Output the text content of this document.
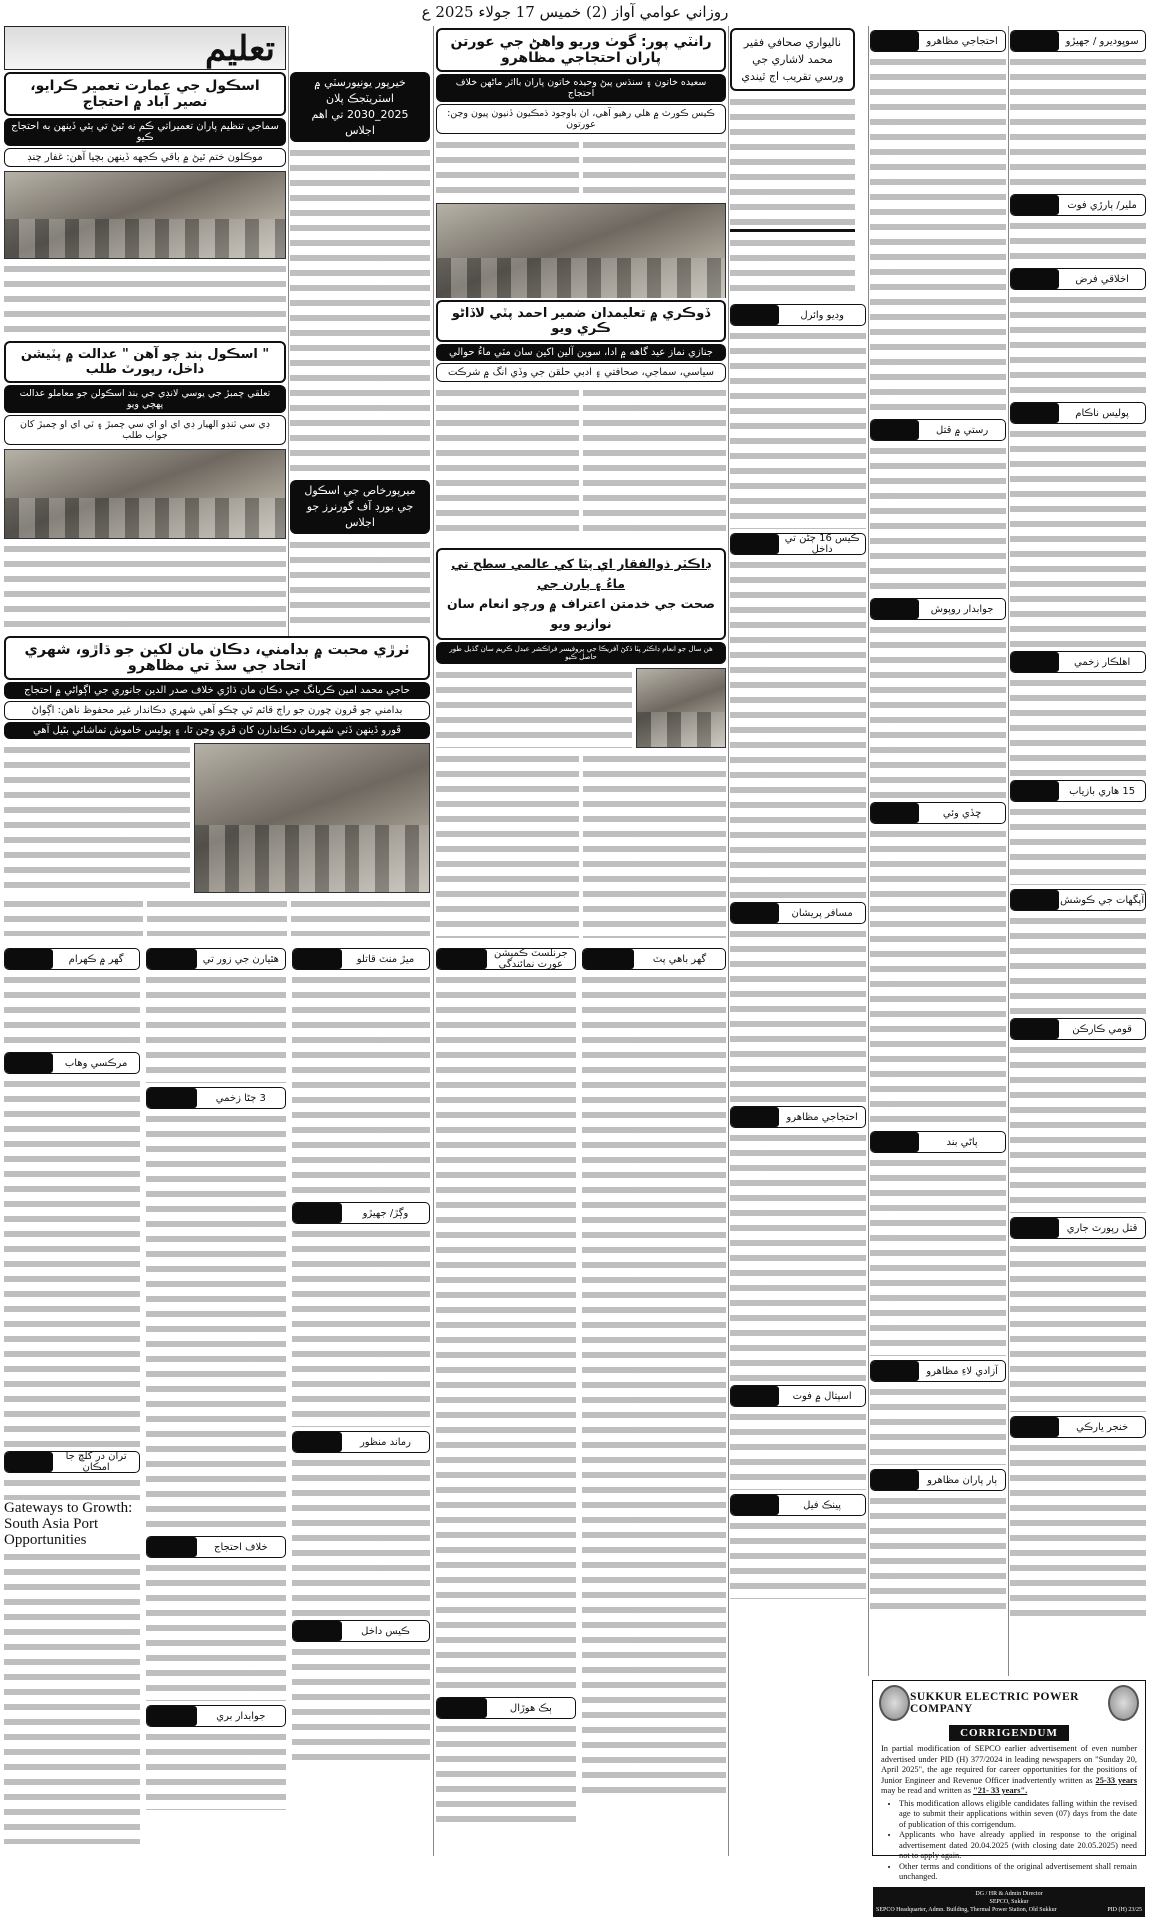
روزاني عوامي آواز (2) خميس 17 جولاء 2025 ع
تعليم
اسڪول جي عمارت تعمير ڪرايو، نصير آباد ۾ احتجاج
سماجي تنظيم پاران تعميراتي ڪم نه ٿيڻ تي ٻئي ڏينهن به احتجاج ڪيو
موڪلون ختم ٿيڻ ۾ باقي ڪجهه ڏينهن بچيا آهن: غفار چنڊ
" اسڪول بند چو آهن " عدالت ۾ پٽيشن داخل، رپورٽ طلب
تعلقي چمبڙ جي يوسي لانڊي جي بند اسڪولن جو معاملو عدالت پهچي ويو
ڊي سي ٽنڊو الهيار ڊي اي او اي سي چمبڙ ۽ ٽي اي او چمبڙ کان جواب طلب
خيرپور يونيورسٽي ۾ اسٽريٽجڪ پلان 2025_2030 تي اهم اجلاس
ميرپورخاص جي اسڪول جي بورڊ آف گورنرز جو اجلاس
رانٽي پور: گوٺ وريو واهڻ جي عورتن پاران احتجاجي مظاهرو
سعيده خاتون ۽ سنڌس پيڻ وحيده خاتون پاران بااثر ماڻهن خلاف احتجاج
ڪيس ڪورٽ ۾ هلي رهيو آهي، ان باوجود ڌمڪيون ڏنيون پيون وڃن: عورتون
ناليواري صحافي فقير محمد لاشاري جي ورسي تقريب اڄ ٿيندي
ڏوڪري ۾ تعليمدان ضمير احمد پٽي لاڏاڻو ڪري ويو
جنازي نماز عيد گاهه ۾ ادا، سوين آلين اکين سان مٽي ماءُ حوالي
سياسي، سماجي، صحافتي ۽ ادبي حلقن جي وڏي انگ ۾ شرڪت
ڊاڪٽر ذوالفقار اي پٽا کي عالمي سطح تي ماءُ ۽ ٻارن جي
صحت جي خدمتن اعتراف ۾ ورچو انعام سان نوازيو ويو
هن سال جو انعام ڊاڪٽر پٽا ڏکڻ آفريڪا جي پروفيسر فراڪشر عبدل ڪريم سان گڏيل طور حاصل ڪيو
ٺرڙي محبت ۾ بدامني، دڪان مان لکين جو ڌاڙو، شهري اتحاد جي سڏ تي مظاهرو
حاجي محمد امين ڪريانگ جي دڪان مان ڌاڙي خلاف صدر الدين جانوري جي اڳواڻي ۾ احتجاج
بدامني جو ڦرون چورن جو راڄ قائم ٿي چڪو آهي شهري دڪاندار غير محفوظ ناهن: اڳواڻ
ڦورو ڏينهن ڏٺي شهرمان دڪاندارن کان ڦري وڃن ٿا، ۽ پوليس خاموش تماشائي بڻيل آهي
سوڀوديرو / جهيڙو
ملير/ ٻارڙي فوت
اخلاقي فرض
پوليس ناڪام
اهلڪار زخمي
15 هاري بازياب
آپگهات جي ڪوشش
قومي ڪارڪن
قتل رپورٽ جاري
خنجر يارڪي
احتجاجي مظاهرو
رستي ۾ قتل
جوابدار روپوش
ڇڏي وئي
پاڻي بند
آزادي لاءِ مظاهرو
ٻار پاران مظاهرو
وڊيو وائرل
ڪيس 16 ڄڻن تي داخل
مسافر پريشان
احتجاجي مظاهرو
اسپتال ۾ فوت
پينڪ فيل
گهر ۾ ڪهرام
مرڪسي وهاب
تران در کلڇ جا امڪان
Gateways to Growth: South Asia Port Opportunities
هٿيارن جي زور تي
3 ڄڻا زخمي
خلاف احتجاج
جوابدار بري
ميڙ منٽ قاتلو
وڳڙ/ جهيڙو
رماند منظور
ڪيس داخل
جرنلسٽ ڪميشن عورت نمائندگي
ٻڪ هوڙال
گهر باهي پٽ
SUKKUR ELECTRIC POWER COMPANY
CORRIGENDUM

In partial modification of SEPCO earlier advertisement of even number advertised under PID (H) 377/2024 in leading newspapers on "Sunday 20, April 2025", the age required for career opportunities for the positions of Junior Engineer and Revenue Officer inadvertently written as 25-33 years may be read and written as "21- 33 years".

• This modification allows eligible candidates falling within the revised age to submit their applications within seven (07) days from the date of publication of this corrigendum.
• Applicants who have already applied in response to the original advertisement dated 20.04.2025 (with closing date 20.05.2025) need not to apply again.
• Other terms and conditions of the original advertisement shall remain unchanged.
DG / HR & Admin Director
SEPCO, Sukkur
SEPCO Headquarter, Admn. Building, Thermal Power Station, Old Sukkur	PID (H) 23/25
